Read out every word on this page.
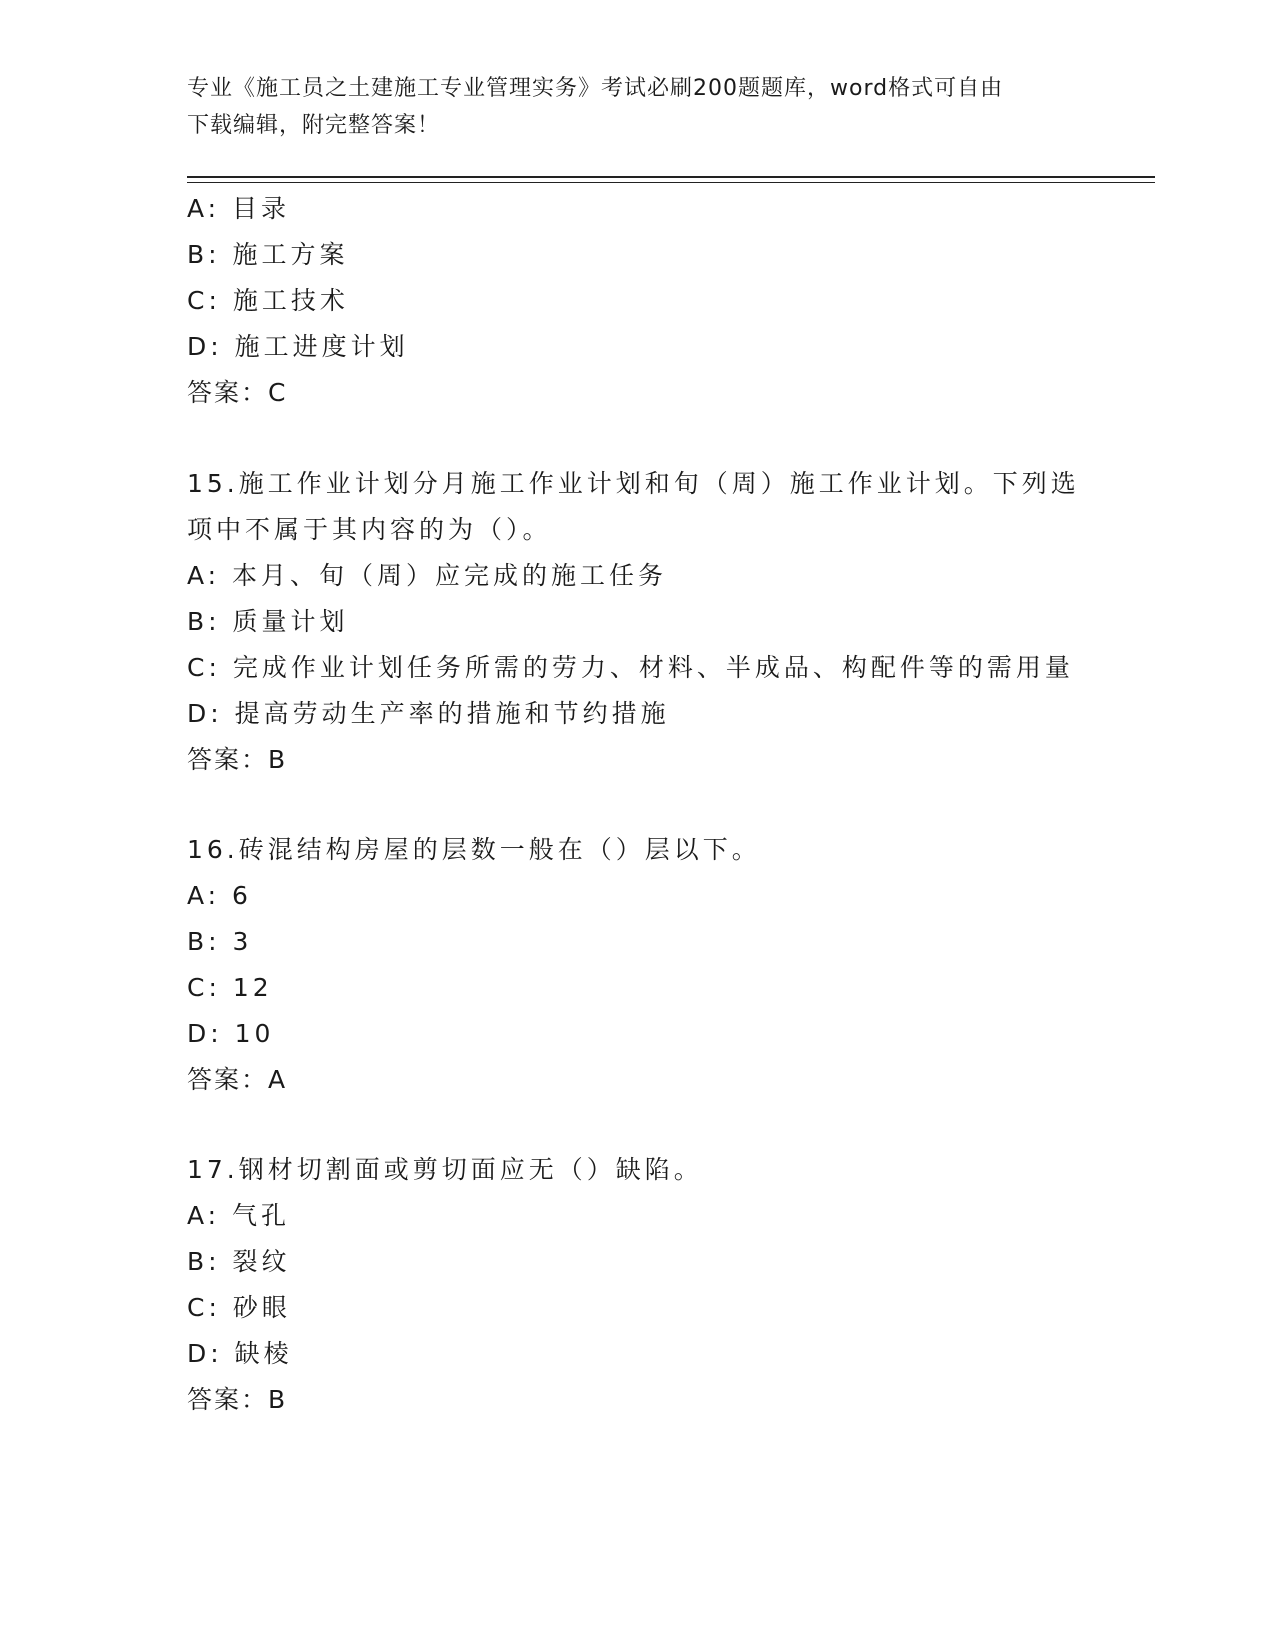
专业《施工员之土建施工专业管理实务》考试必刷200题题库，word格式可自由
下载编辑，附完整答案！
A: 目录
B: 施工方案
C: 施工技术
D: 施工进度计划
答案：C
15.施工作业计划分月施工作业计划和旬（周）施工作业计划。下列选
项中不属于其内容的为（）。
A: 本月、旬（周）应完成的施工任务
B: 质量计划
C: 完成作业计划任务所需的劳力、材料、半成品、构配件等的需用量
D: 提高劳动生产率的措施和节约措施
答案：B
16.砖混结构房屋的层数一般在（）层以下。
A: 6
B: 3
C: 12
D: 10
答案：A
17.钢材切割面或剪切面应无（）缺陷。
A: 气孔
B: 裂纹
C: 砂眼
D: 缺棱
答案：B
